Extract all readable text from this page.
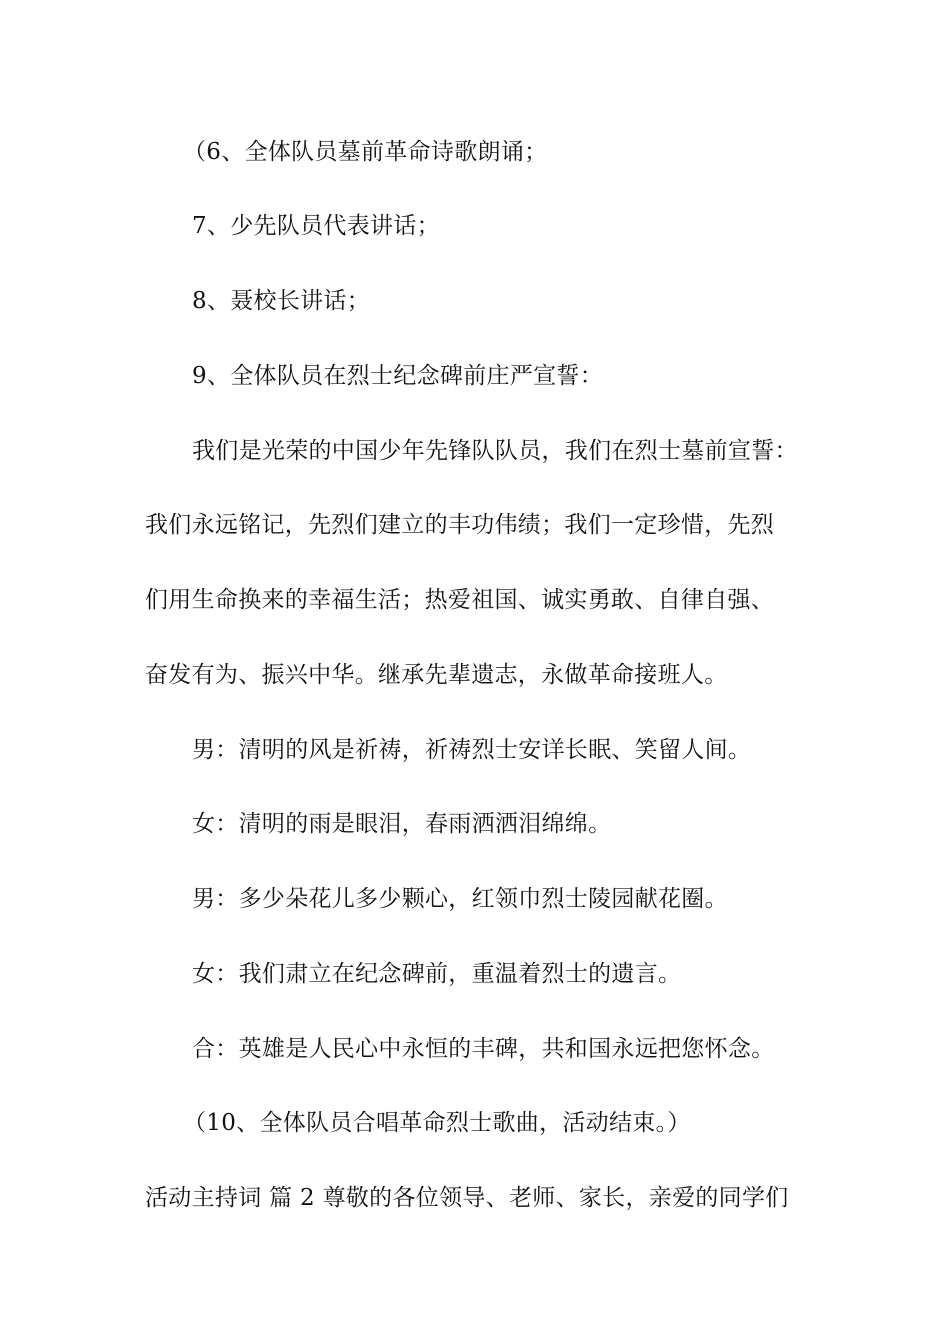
（6、全体队员墓前革命诗歌朗诵；
7、少先队员代表讲话；
8、聂校长讲话；
9、全体队员在烈士纪念碑前庄严宣誓：
我们是光荣的中国少年先锋队队员，我们在烈士墓前宣誓：
我们永远铭记，先烈们建立的丰功伟绩；我们一定珍惜，先烈
们用生命换来的幸福生活；热爱祖国、诚实勇敢、自律自强、
奋发有为、振兴中华。继承先辈遗志，永做革命接班人。
男：清明的风是祈祷，祈祷烈士安详长眠、笑留人间。
女：清明的雨是眼泪，春雨洒洒泪绵绵。
男：多少朵花儿多少颗心，红领巾烈士陵园献花圈。
女：我们肃立在纪念碑前，重温着烈士的遗言。
合：英雄是人民心中永恒的丰碑，共和国永远把您怀念。
（10、全体队员合唱革命烈士歌曲，活动结束。）
活动主持词 篇 2 尊敬的各位领导、老师、家长，亲爱的同学们
